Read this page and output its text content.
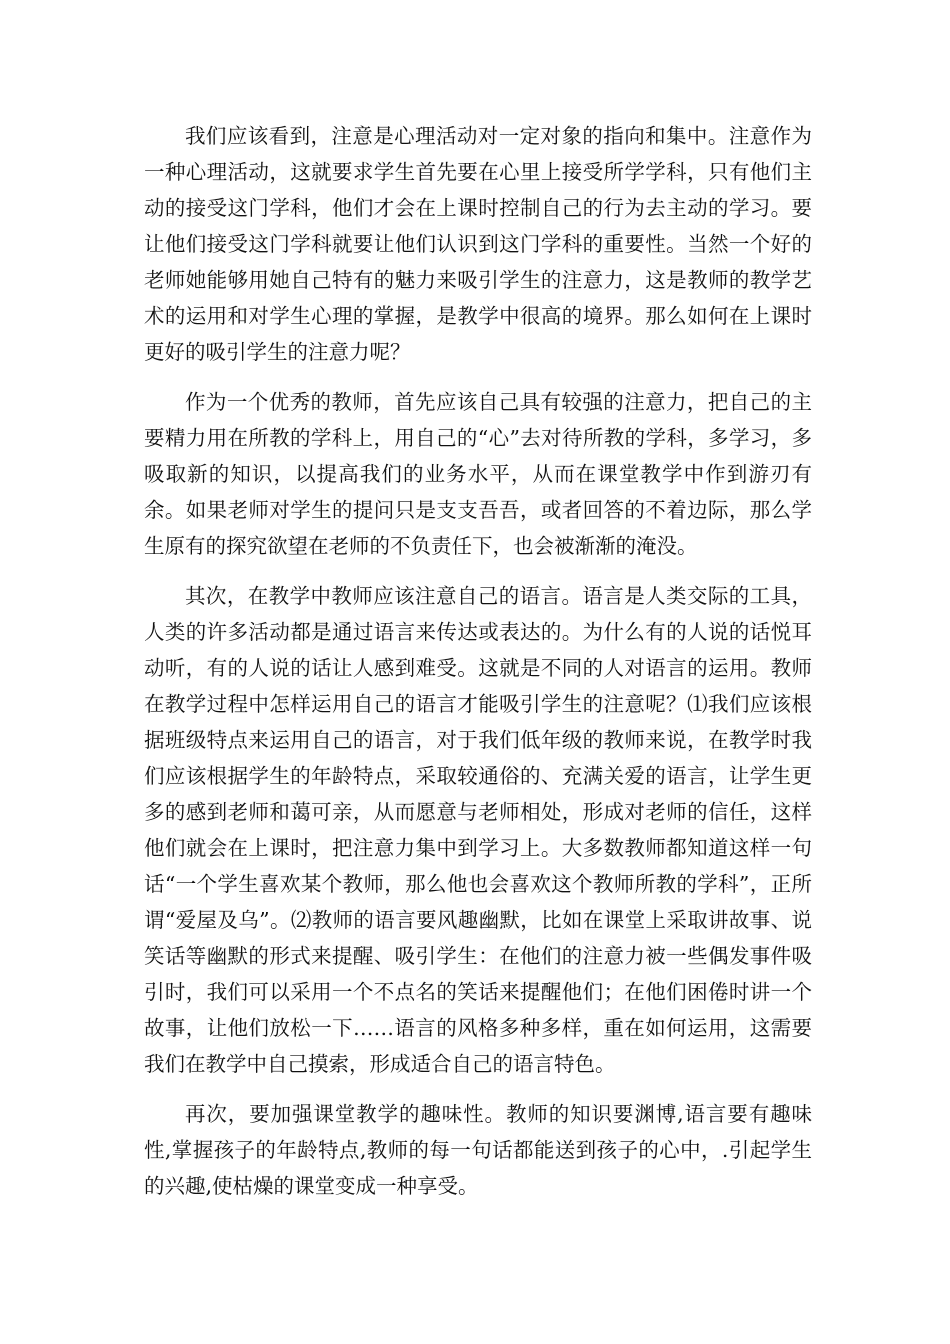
我们应该看到，注意是心理活动对一定对象的指向和集中。注意作为一种心理活动，这就要求学生首先要在心里上接受所学学科，只有他们主动的接受这门学科，他们才会在上课时控制自己的行为去主动的学习。要让他们接受这门学科就要让他们认识到这门学科的重要性。当然一个好的老师她能够用她自己特有的魅力来吸引学生的注意力，这是教师的教学艺术的运用和对学生心理的掌握，是教学中很高的境界。那么如何在上课时更好的吸引学生的注意力呢？

作为一个优秀的教师，首先应该自己具有较强的注意力，把自己的主要精力用在所教的学科上，用自己的“心”去对待所教的学科，多学习，多吸取新的知识，以提高我们的业务水平，从而在课堂教学中作到游刃有余。如果老师对学生的提问只是支支吾吾，或者回答的不着边际，那么学生原有的探究欲望在老师的不负责任下，也会被渐渐的淹没。

其次，在教学中教师应该注意自己的语言。语言是人类交际的工具，人类的许多活动都是通过语言来传达或表达的。为什么有的人说的话悦耳动听，有的人说的话让人感到难受。这就是不同的人对语言的运用。教师在教学过程中怎样运用自己的语言才能吸引学生的注意呢？⑴我们应该根据班级特点来运用自己的语言，对于我们低年级的教师来说，在教学时我们应该根据学生的年龄特点，采取较通俗的、充满关爱的语言，让学生更多的感到老师和蔼可亲，从而愿意与老师相处，形成对老师的信任，这样他们就会在上课时，把注意力集中到学习上。大多数教师都知道这样一句话“一个学生喜欢某个教师，那么他也会喜欢这个教师所教的学科”，正所谓“爱屋及乌”。⑵教师的语言要风趣幽默，比如在课堂上采取讲故事、说笑话等幽默的形式来提醒、吸引学生：在他们的注意力被一些偶发事件吸引时，我们可以采用一个不点名的笑话来提醒他们；在他们困倦时讲一个故事，让他们放松一下……语言的风格多种多样，重在如何运用，这需要我们在教学中自己摸索，形成适合自己的语言特色。

再次，要加强课堂教学的趣味性。教师的知识要渊博,语言要有趣味性,掌握孩子的年龄特点,教师的每一句话都能送到孩子的心中，.引起学生的兴趣,使枯燥的课堂变成一种享受。
